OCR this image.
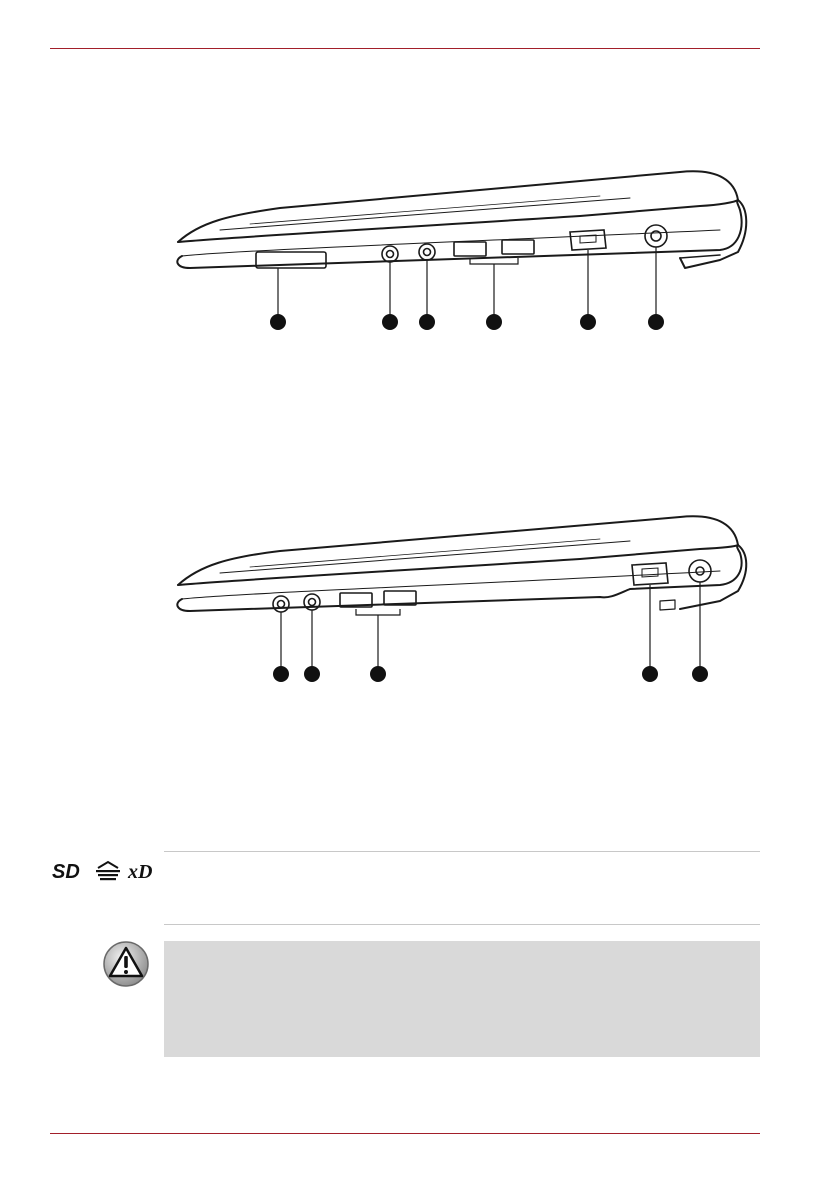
SD xD
